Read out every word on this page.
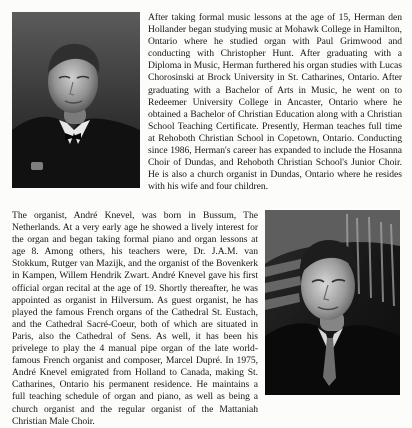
After taking formal music lessons at the age of 15, Herman den Hollander began studying music at Mohawk College in Hamilton, Ontario where he studied organ with Paul Grimwood and conducting with Christopher Hunt. After graduating with a Diploma in Music, Herman furthered his organ studies with Lucas Chorosinski at Brock University in St. Catharines, Ontario. After graduating with a Bachelor of Arts in Music, he went on to Redeemer University College in Ancaster, Ontario where he obtained a Bachelor of Christian Education along with a Christian School Teaching Certificate. Presently, Herman teaches full time at Rehoboth Christian School in Copetown, Ontario. Conducting since 1986, Herman's career has expanded to include the Hosanna Choir of Dundas, and Rehoboth Christian School's Junior Choir. He is also a church organist in Dundas, Ontario where he resides with his wife and four children.

The organist, André Knevel, was born in Bussum, The Netherlands. At a very early age he showed a lively interest for the organ and began taking formal piano and organ lessons at age 8. Among others, his teachers were, Dr. J.A.M. van Stokkum, Rutger van Mazijk, and the organist of the Bovenkerk in Kampen, Willem Hendrik Zwart. André Knevel gave his first official organ recital at the age of 19. Shortly thereafter, he was appointed as organist in Hilversum. As guest organist, he has played the famous French organs of the Cathedral St. Eustach, and the Cathedral Sacré-Coeur, both of which are situated in Paris, also the Cathedral of Sens. As well, it has been his privelege to play the 4 manual pipe organ of the late world-famous French organist and composer, Marcel Dupré. In 1975, André Knevel emigrated from Holland to Canada, making St. Catharines, Ontario his permanent residence. He maintains a full teaching schedule of organ and piano, as well as being a church organist and the regular organist of the Mattaniah Christian Male Choir.
